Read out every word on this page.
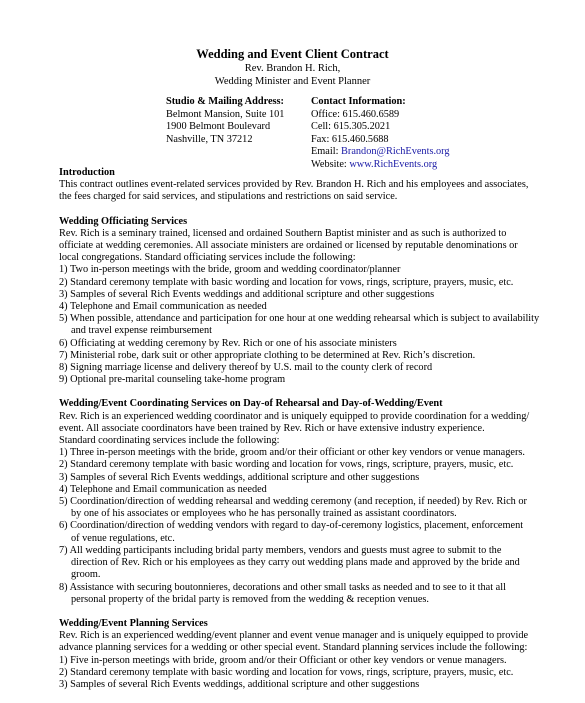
Wedding and Event Client Contract
Rev. Brandon H. Rich,
Wedding Minister and Event Planner
Studio & Mailing Address:
Belmont Mansion, Suite 101
1900 Belmont Boulevard
Nashville, TN 37212
Contact Information:
Office: 615.460.6589
Cell: 615.305.2021
Fax: 615.460.5688
Email: Brandon@RichEvents.org
Website: www.RichEvents.org
Introduction
This contract outlines event-related services provided by Rev. Brandon H. Rich and his employees and associates,
the fees charged for said services, and stipulations and restrictions on said service.
Wedding Officiating Services
Rev. Rich is a seminary trained, licensed and ordained Southern Baptist minister and as such is authorized to
officiate at wedding ceremonies. All associate ministers are ordained or licensed by reputable denominations or
local congregations. Standard officiating services include the following:
1) Two in-person meetings with the bride, groom and wedding coordinator/planner
2) Standard ceremony template with basic wording and location for vows, rings, scripture, prayers, music, etc.
3) Samples of several Rich Events weddings and additional scripture and other suggestions
4) Telephone and Email communication as needed
5) When possible, attendance and participation for one hour at one wedding rehearsal which is subject to availability
and travel expense reimbursement
6) Officiating at wedding ceremony by Rev. Rich or one of his associate ministers
7) Ministerial robe, dark suit or other appropriate clothing to be determined at Rev. Rich’s discretion.
8) Signing marriage license and delivery thereof by U.S. mail to the county clerk of record
9) Optional pre-marital counseling take-home program
Wedding/Event Coordinating Services on Day-of Rehearsal and Day-of-Wedding/Event
Rev. Rich is an experienced wedding coordinator and is uniquely equipped to provide coordination for a wedding/
event. All associate coordinators have been trained by Rev. Rich or have extensive industry experience.
Standard coordinating services include the following:
1) Three in-person meetings with the bride, groom and/or their officiant or other key vendors or venue managers.
2) Standard ceremony template with basic wording and location for vows, rings, scripture, prayers, music, etc.
3) Samples of several Rich Events weddings, additional scripture and other suggestions
4) Telephone and Email communication as needed
5) Coordination/direction of wedding rehearsal and wedding ceremony (and reception, if needed) by Rev. Rich or
by one of his associates or employees who he has personally trained as assistant coordinators.
6) Coordination/direction of wedding vendors with regard to day-of-ceremony logistics, placement, enforcement
of venue regulations, etc.
7) All wedding participants including bridal party members, vendors and guests must agree to submit to the
direction of Rev. Rich or his employees as they carry out wedding plans made and approved by the bride and
groom.
8) Assistance with securing boutonnieres, decorations and other small tasks as needed and to see to it that all
personal property of the bridal party is removed from the wedding & reception venues.
Wedding/Event Planning Services
Rev. Rich is an experienced wedding/event planner and event venue manager and is uniquely equipped to provide
advance planning services for a wedding or other special event. Standard planning services include the following:
1) Five in-person meetings with bride, groom and/or their Officiant or other key vendors or venue managers.
2) Standard ceremony template with basic wording and location for vows, rings, scripture, prayers, music, etc.
3) Samples of several Rich Events weddings, additional scripture and other suggestions
